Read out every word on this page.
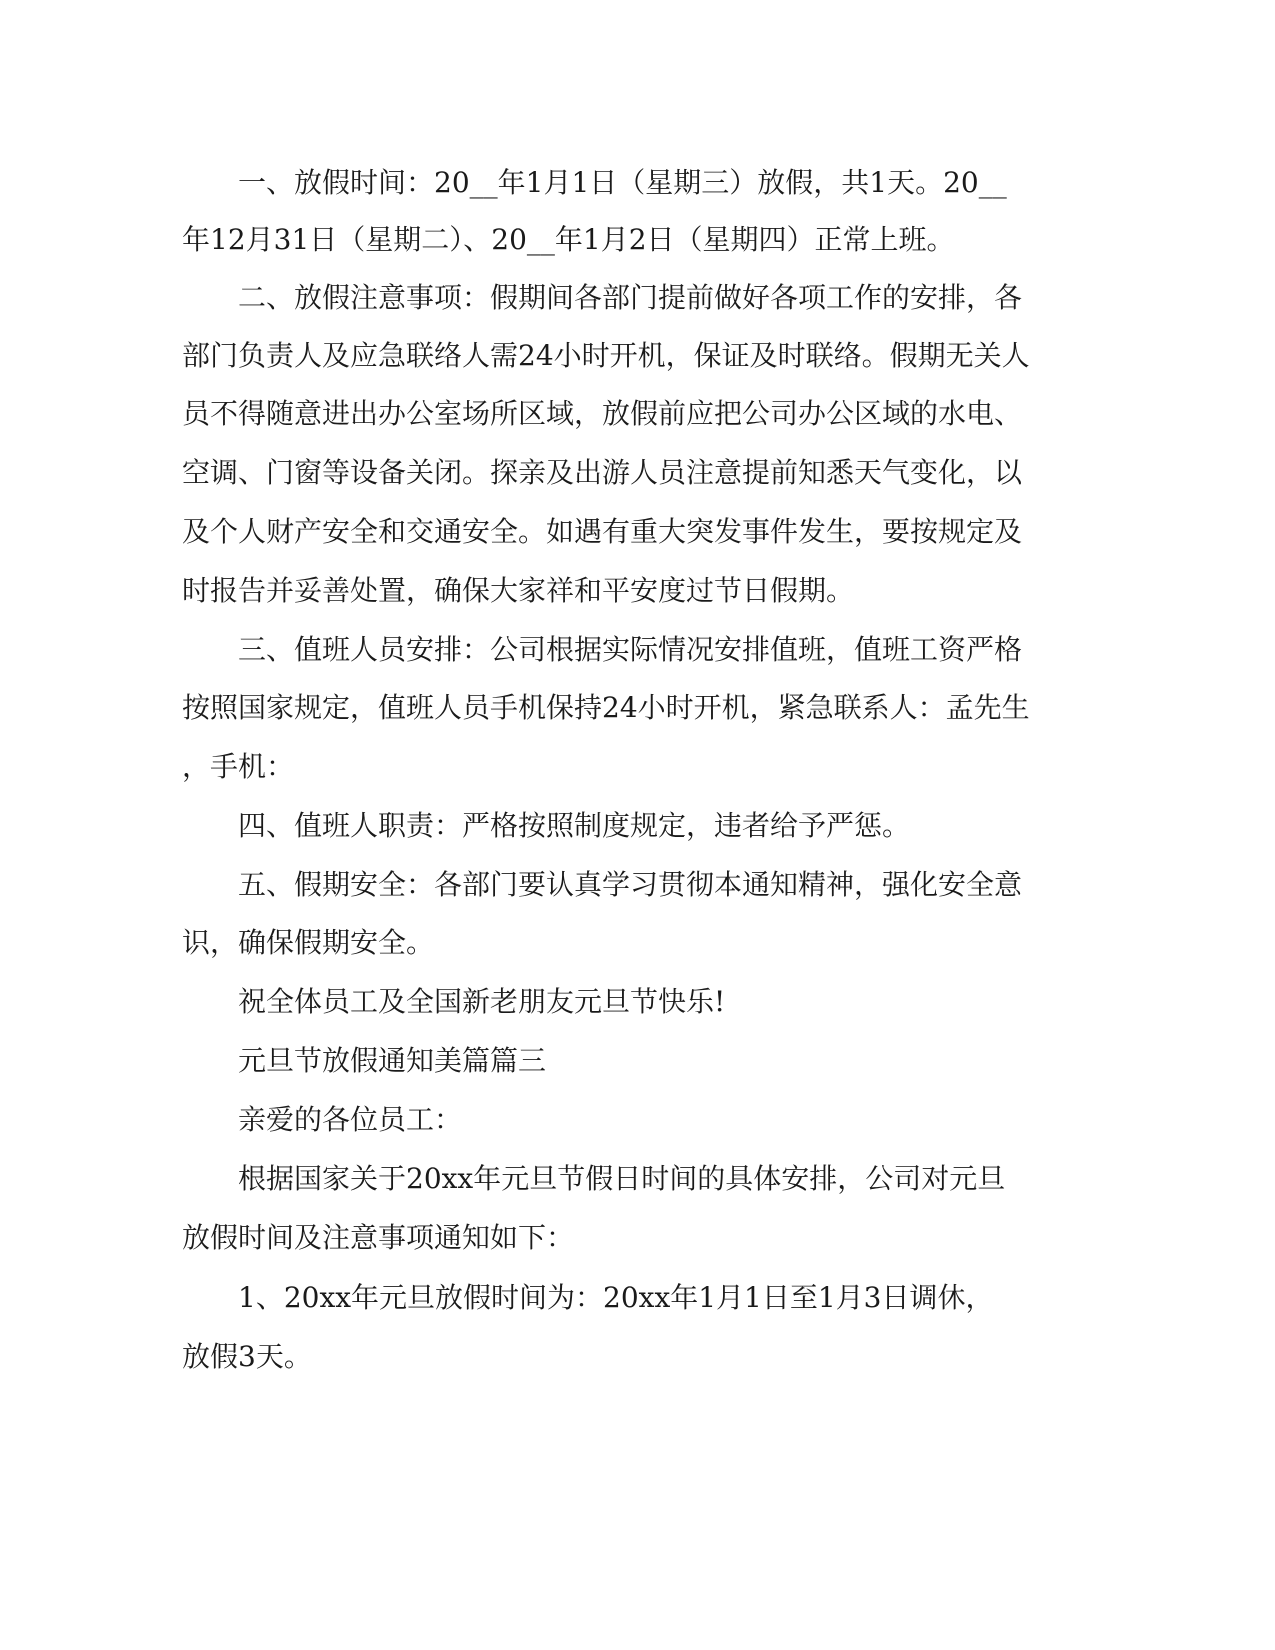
　　一、放假时间：20__年1月1日（星期三）放假，共1天。20__

年12月31日（星期二）、20__年1月2日（星期四）正常上班。

　　二、放假注意事项：假期间各部门提前做好各项工作的安排，各

部门负责人及应急联络人需24小时开机，保证及时联络。假期无关人

员不得随意进出办公室场所区域，放假前应把公司办公区域的水电、

空调、门窗等设备关闭。探亲及出游人员注意提前知悉天气变化，以

及个人财产安全和交通安全。如遇有重大突发事件发生，要按规定及

时报告并妥善处置，确保大家祥和平安度过节日假期。

　　三、值班人员安排：公司根据实际情况安排值班，值班工资严格

按照国家规定，值班人员手机保持24小时开机，紧急联系人：孟先生

，手机：

　　四、值班人职责：严格按照制度规定，违者给予严惩。

　　五、假期安全：各部门要认真学习贯彻本通知精神，强化安全意

识，确保假期安全。

　　祝全体员工及全国新老朋友元旦节快乐!

　　元旦节放假通知美篇篇三

　　亲爱的各位员工：

　　根据国家关于20xx年元旦节假日时间的具体安排，公司对元旦

放假时间及注意事项通知如下：

　　1、20xx年元旦放假时间为：20xx年1月1日至1月3日调休，

放假3天。
